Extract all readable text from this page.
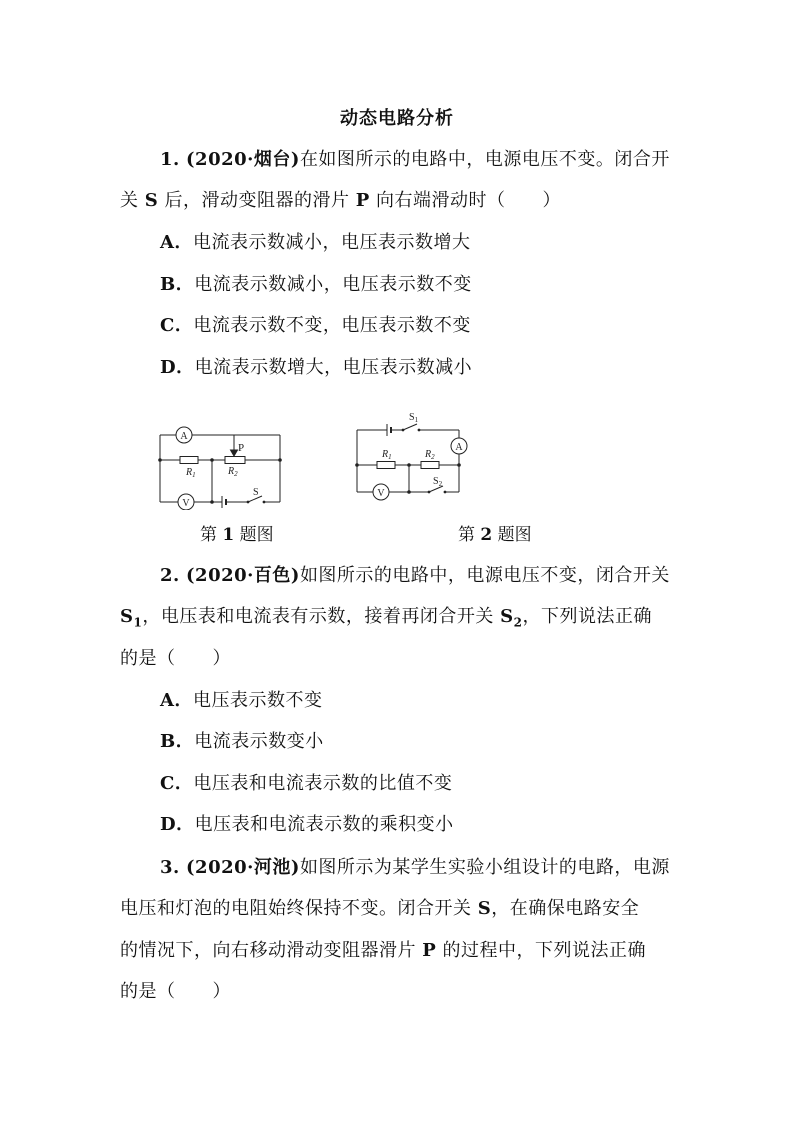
动态电路分析
1. (2020·烟台)在如图所示的电路中，电源电压不变。闭合开
关 S 后，滑动变阻器的滑片 P 向右端滑动时（　　）
A．电流表示数减小，电压表示数增大
B．电流表示数减小，电压表示数不变
C．电流表示数不变，电压表示数不变
D．电流表示数增大，电压表示数减小
A
V
P
$R_1$	$R_2$
S
A
V
$S_1$
$S_2$
$R_1$	$R_2$
第 1 题图	第 2 题图
2. (2020·百色)如图所示的电路中，电源电压不变，闭合开关
$S_1$，电压表和电流表有示数，接着再闭合开关 $S_2$，下列说法正确
的是（　　）
A．电压表示数不变
B．电流表示数变小
C．电压表和电流表示数的比值不变
D．电压表和电流表示数的乘积变小
3. (2020·河池)如图所示为某学生实验小组设计的电路，电源
电压和灯泡的电阻始终保持不变。闭合开关 S，在确保电路安全
的情况下，向右移动滑动变阻器滑片 P 的过程中，下列说法正确
的是（　　）
